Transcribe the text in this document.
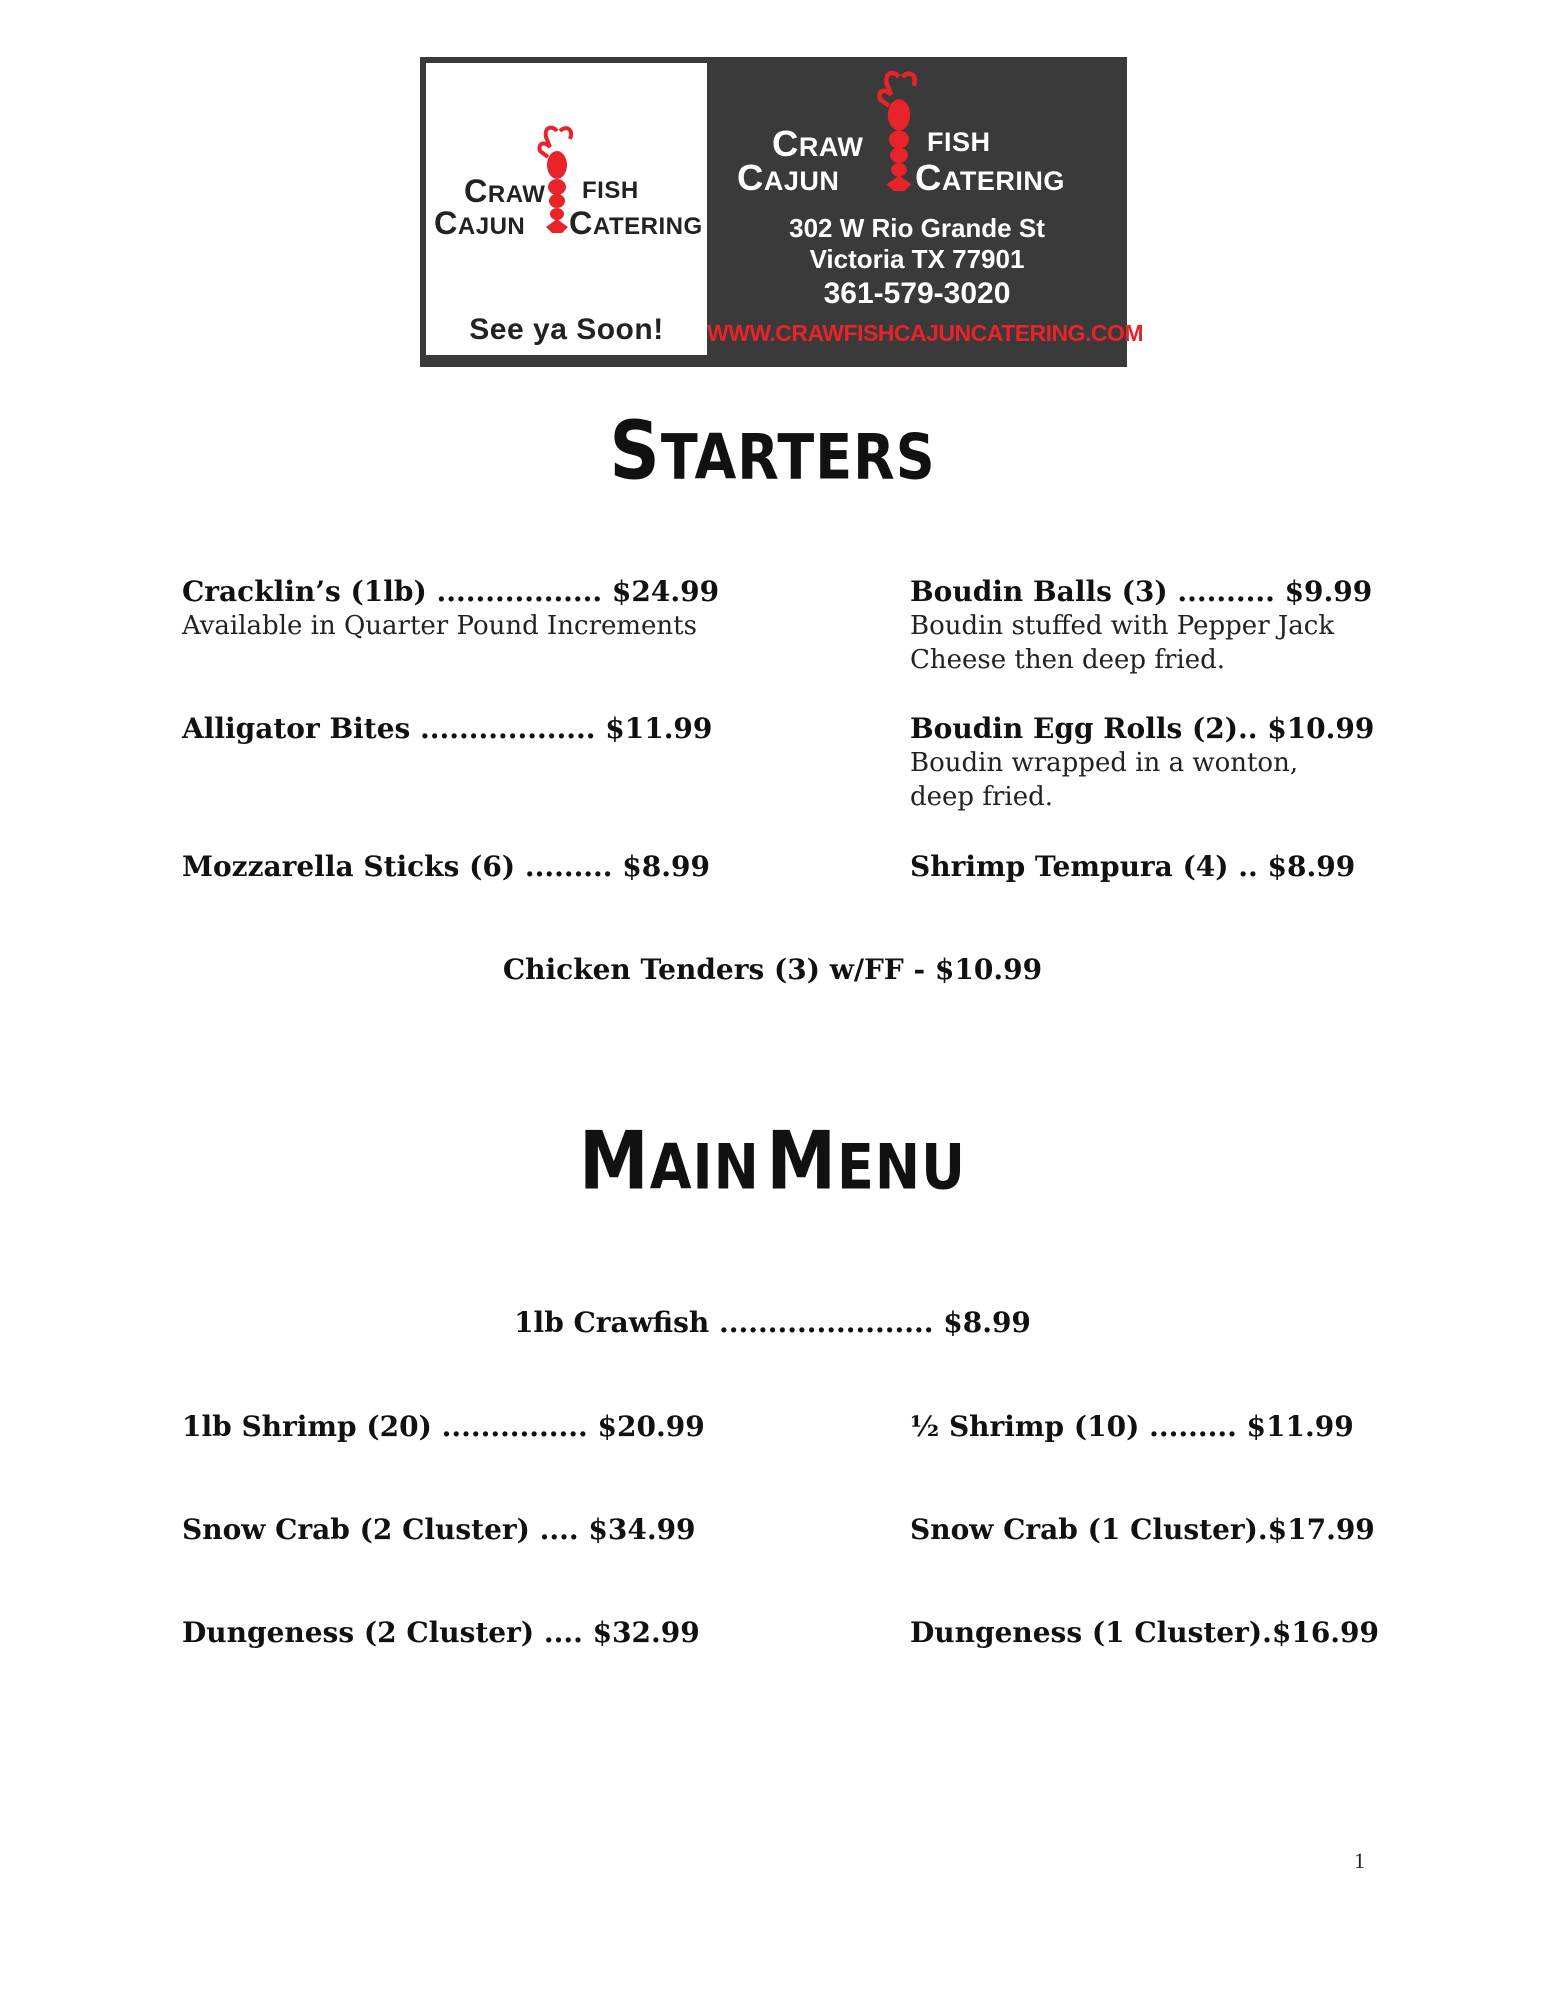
CRAW FISH
CAJUN CATERING
See ya Soon!
CRAW FISH
CAJUN CATERING
302 W Rio Grande St
Victoria TX 77901
361-579-3020
WWW.CRAWFISHCAJUNCATERING.COM
STARTERS
Cracklin’s (1lb) ................. $24.99
Available in Quarter Pound Increments
Boudin Balls (3) .......... $9.99
Boudin stuffed with Pepper Jack
Cheese then deep fried.
Alligator Bites .................. $11.99	Boudin Egg Rolls (2).. $10.99
Boudin wrapped in a wonton,
deep fried.
Mozzarella Sticks (6) ......... $8.99	Shrimp Tempura (4) .. $8.99
Chicken Tenders (3) w/FF - $10.99
MAIN MENU
1lb Crawfish ...................... $8.99
1lb Shrimp (20) ............... $20.99	½ Shrimp (10) ......... $11.99
Snow Crab (2 Cluster) .... $34.99	Snow Crab (1 Cluster).$17.99
Dungeness (2 Cluster) .... $32.99	Dungeness (1 Cluster).$16.99
1
